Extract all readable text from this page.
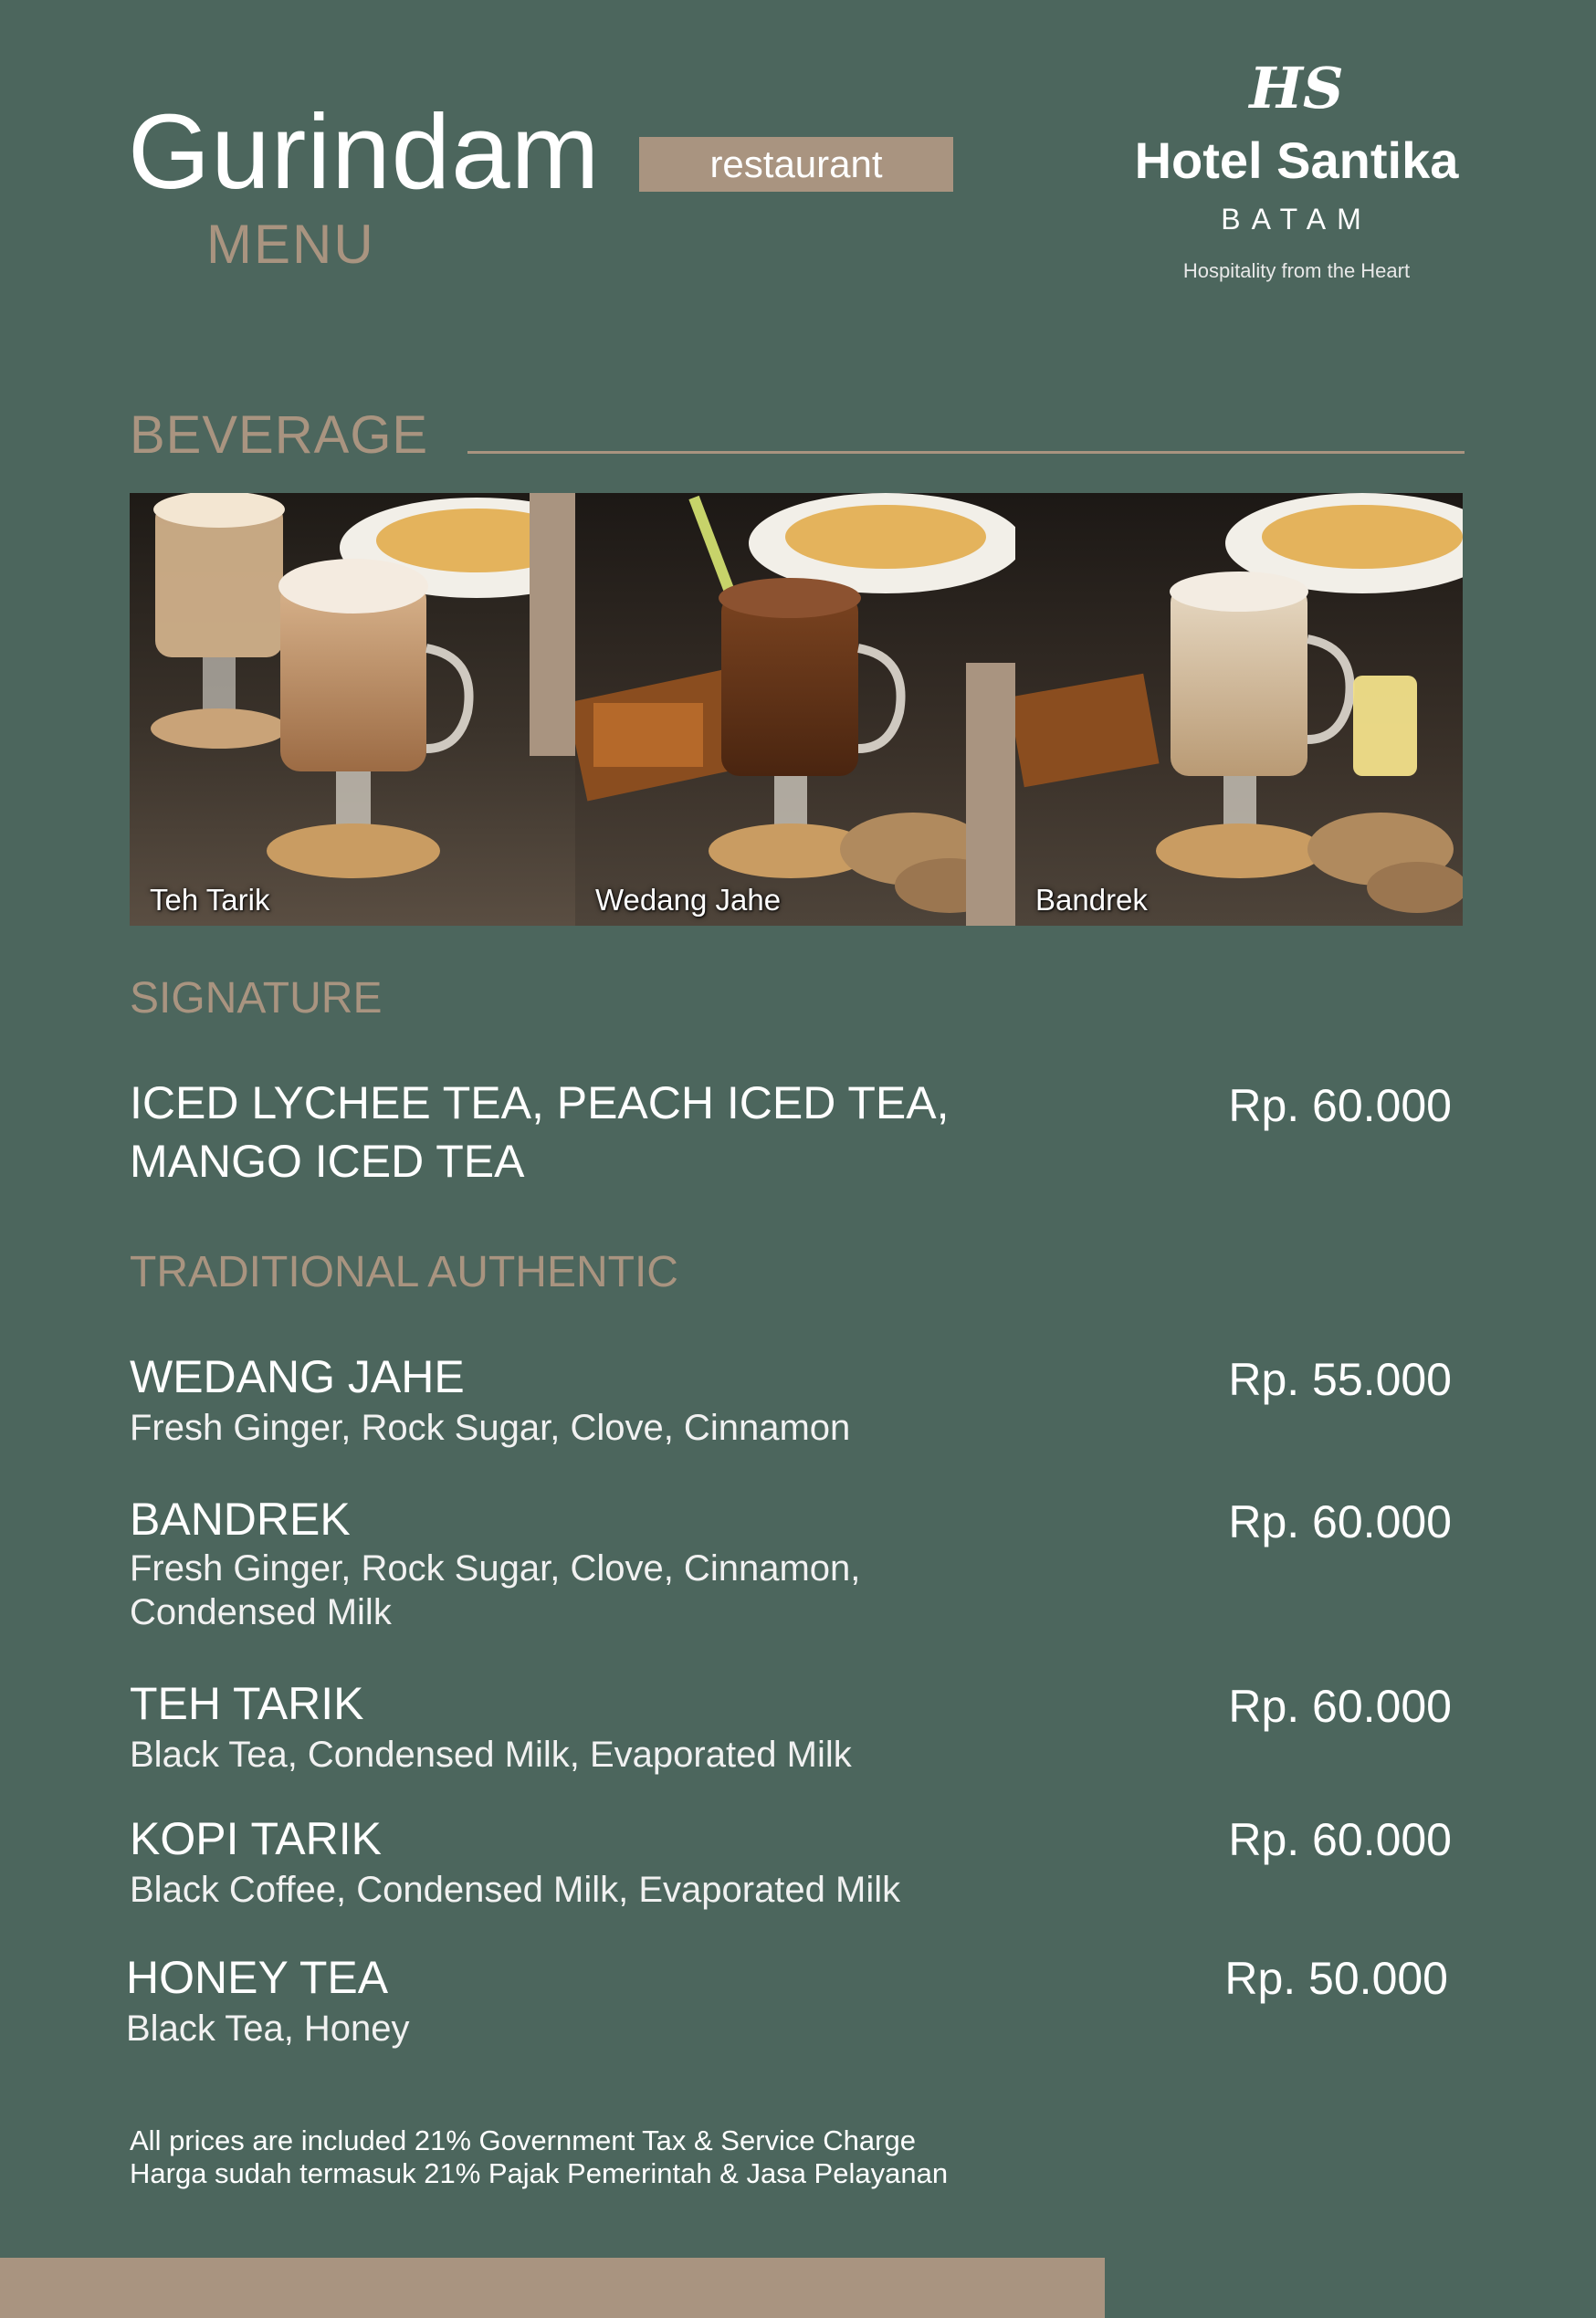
Gurindam
MENU
restaurant
HS
Hotel Santika
BATAM
Hospitality from the Heart
BEVERAGE
Teh Tarik	Wedang Jahe	Bandrek
SIGNATURE
ICED LYCHEE TEA, PEACH ICED TEA,
MANGO ICED TEA
Rp. 60.000
TRADITIONAL AUTHENTIC
WEDANG JAHE
Fresh Ginger, Rock Sugar, Clove, Cinnamon
Rp. 55.000
BANDREK
Fresh Ginger, Rock Sugar, Clove, Cinnamon,
Condensed Milk
Rp. 60.000
TEH TARIK
Black Tea, Condensed Milk, Evaporated Milk
Rp. 60.000
KOPI TARIK
Black Coffee, Condensed Milk, Evaporated Milk
Rp. 60.000
HONEY TEA
Black Tea, Honey
Rp. 50.000
All prices are included 21% Government Tax & Service Charge
Harga sudah termasuk 21% Pajak Pemerintah & Jasa Pelayanan
